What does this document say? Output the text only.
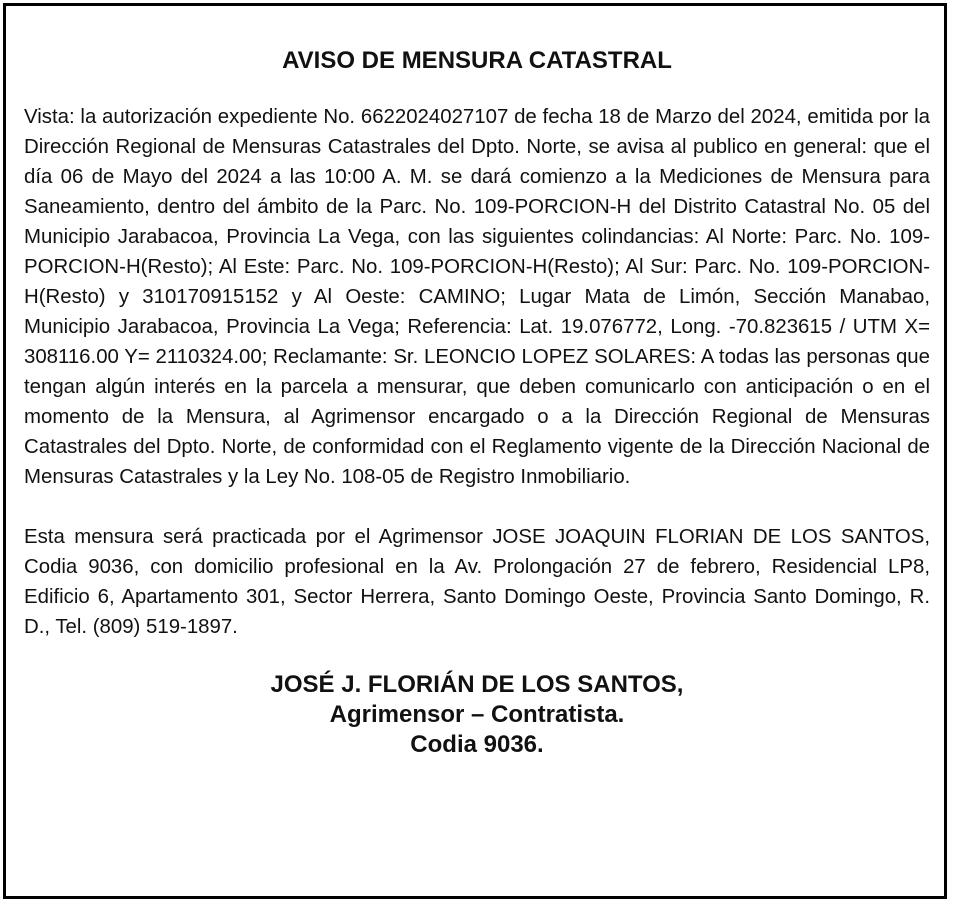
AVISO DE MENSURA CATASTRAL

Vista: la autorización expediente No. 6622024027107 de fecha 18 de Marzo del 2024, emitida por la Dirección Regional de Mensuras Catastrales del Dpto. Norte, se avisa al publico en general: que el día 06 de Mayo del 2024 a las 10:00 A. M. se dará comienzo a la Mediciones de Mensura para Saneamiento, dentro del ámbito de la Parc. No. 109-PORCION-H del Distrito Catastral No. 05 del Municipio Jarabacoa, Provincia La Vega, con las siguientes colindancias: Al Norte: Parc. No. 109-PORCION-H(Resto); Al Este: Parc. No. 109-PORCION-H(Resto); Al Sur: Parc. No. 109-PORCION-H(Resto) y 310170915152 y Al Oeste: CAMINO; Lugar Mata de Limón, Sección Manabao, Municipio Jarabacoa, Provincia La Vega; Referencia: Lat. 19.076772, Long. -70.823615 / UTM X= 308116.00 Y= 2110324.00; Reclamante: Sr. LEONCIO LOPEZ SOLARES: A todas las personas que tengan algún interés en la parcela a mensurar, que deben comunicarlo con anticipación o en el momento de la Mensura, al Agrimensor encargado o a la Dirección Regional de Mensuras Catastrales del Dpto. Norte, de conformidad con el Reglamento vigente de la Dirección Nacional de Mensuras Catastrales y la Ley No. 108-05 de Registro Inmobiliario.

Esta mensura será practicada por el Agrimensor JOSE JOAQUIN FLORIAN DE LOS SANTOS, Codia 9036, con domicilio profesional en la Av. Prolongación 27 de febrero, Residencial LP8, Edificio 6, Apartamento 301, Sector Herrera, Santo Domingo Oeste, Provincia Santo Domingo, R. D., Tel. (809) 519-1897.

JOSÉ J. FLORIÁN DE LOS SANTOS,
Agrimensor – Contratista.
Codia 9036.
